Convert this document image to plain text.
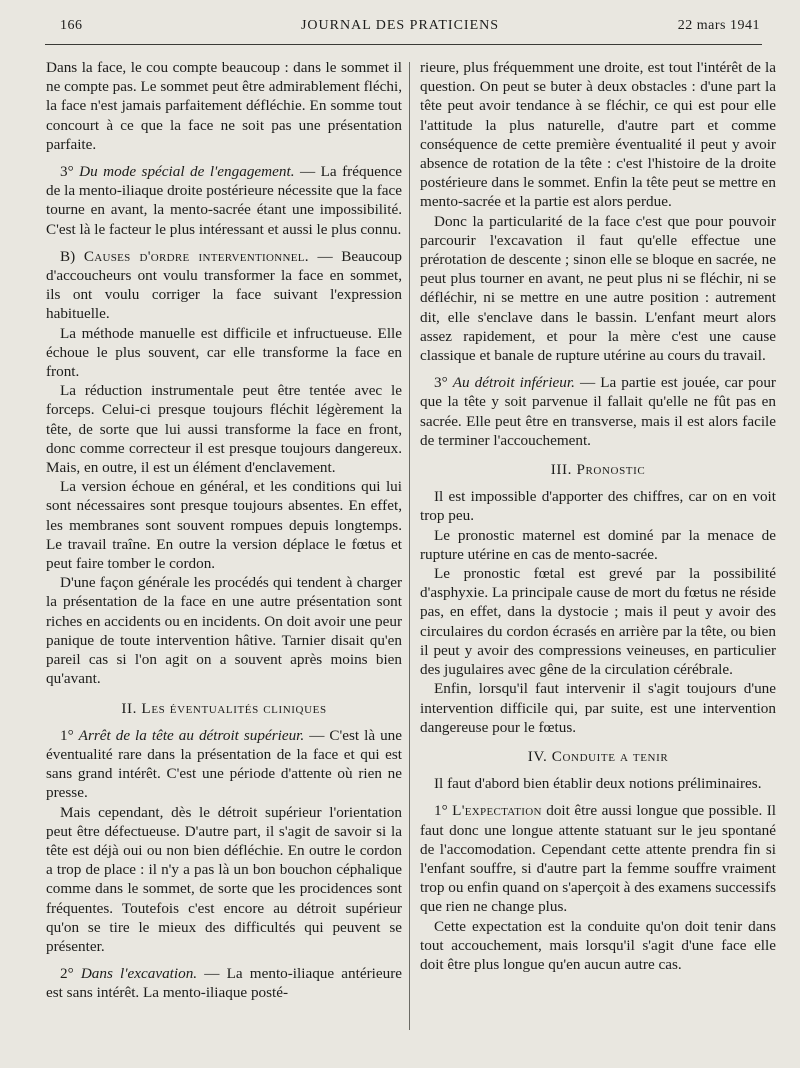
166	JOURNAL DES PRATICIENS	22 mars 1941

Dans la face, le cou compte beaucoup : dans le sommet il ne compte pas. Le sommet peut être admirablement fléchi, la face n'est jamais parfaitement défléchie. En somme tout concourt à ce que la face ne soit pas une présentation parfaite.

3° Du mode spécial de l'engagement. — La fréquence de la mento-iliaque droite postérieure nécessite que la face tourne en avant, la mento-sacrée étant une impossibilité. C'est là le facteur le plus intéressant et aussi le plus connu.

B) Causes d'ordre interventionnel. — Beaucoup d'accoucheurs ont voulu transformer la face en sommet, ils ont voulu corriger la face suivant l'expression habituelle.

La méthode manuelle est difficile et infructueuse. Elle échoue le plus souvent, car elle transforme la face en front.

La réduction instrumentale peut être tentée avec le forceps. Celui-ci presque toujours fléchit légèrement la tête, de sorte que lui aussi transforme la face en front, donc comme correcteur il est presque toujours dangereux. Mais, en outre, il est un élément d'enclavement.

La version échoue en général, et les conditions qui lui sont nécessaires sont presque toujours absentes. En effet, les membranes sont souvent rompues depuis longtemps. Le travail traîne. En outre la version déplace le fœtus et peut faire tomber le cordon.

D'une façon générale les procédés qui tendent à charger la présentation de la face en une autre présentation sont riches en accidents ou en incidents. On doit avoir une peur panique de toute intervention hâtive. Tarnier disait qu'en pareil cas si l'on agit on a souvent après moins bien qu'avant.

II. Les éventualités cliniques

1° Arrêt de la tête au détroit supérieur. — C'est là une éventualité rare dans la présentation de la face et qui est sans grand intérêt. C'est une période d'attente où rien ne presse.

Mais cependant, dès le détroit supérieur l'orientation peut être défectueuse. D'autre part, il s'agit de savoir si la tête est déjà oui ou non bien défléchie. En outre le cordon a trop de place : il n'y a pas là un bon bouchon céphalique comme dans le sommet, de sorte que les procidences sont fréquentes. Toutefois c'est encore au détroit supérieur qu'on se tire le mieux des difficultés qui peuvent se présenter.

2° Dans l'excavation. — La mento-iliaque antérieure est sans intérêt. La mento-iliaque posté-

rieure, plus fréquemment une droite, est tout l'intérêt de la question. On peut se buter à deux obstacles : d'une part la tête peut avoir tendance à se fléchir, ce qui est pour elle l'attitude la plus naturelle, d'autre part et comme conséquence de cette première éventualité il peut y avoir absence de rotation de la tête : c'est l'histoire de la droite postérieure dans le sommet. Enfin la tête peut se mettre en mento-sacrée et la partie est alors perdue.

Donc la particularité de la face c'est que pour pouvoir parcourir l'excavation il faut qu'elle effectue une prérotation de descente ; sinon elle se bloque en sacrée, ne peut plus tourner en avant, ne peut plus ni se fléchir, ni se défléchir, ni se mettre en une autre position : autrement dit, elle s'enclave dans le bassin. L'enfant meurt alors assez rapidement, et pour la mère c'est une cause classique et banale de rupture utérine au cours du travail.

3° Au détroit inférieur. — La partie est jouée, car pour que la tête y soit parvenue il fallait qu'elle ne fût pas en sacrée. Elle peut être en transverse, mais il est alors facile de terminer l'accouchement.

III. Pronostic

Il est impossible d'apporter des chiffres, car on en voit trop peu.

Le pronostic maternel est dominé par la menace de rupture utérine en cas de mento-sacrée.

Le pronostic fœtal est grevé par la possibilité d'asphyxie. La principale cause de mort du fœtus ne réside pas, en effet, dans la dystocie ; mais il peut y avoir des circulaires du cordon écrasés en arrière par la tête, ou bien il peut y avoir des compressions veineuses, en particulier des jugulaires avec gêne de la circulation cérébrale.

Enfin, lorsqu'il faut intervenir il s'agit toujours d'une intervention difficile qui, par suite, est une intervention dangereuse pour le fœtus.

IV. Conduite a tenir

Il faut d'abord bien établir deux notions préliminaires.

1° L'expectation doit être aussi longue que possible. Il faut donc une longue attente statuant sur le jeu spontané de l'accomodation. Cependant cette attente prendra fin si l'enfant souffre, si d'autre part la femme souffre vraiment trop ou enfin quand on s'aperçoit à des examens successifs que rien ne change plus.

Cette expectation est la conduite qu'on doit tenir dans tout accouchement, mais lorsqu'il s'agit d'une face elle doit être plus longue qu'en aucun autre cas.
